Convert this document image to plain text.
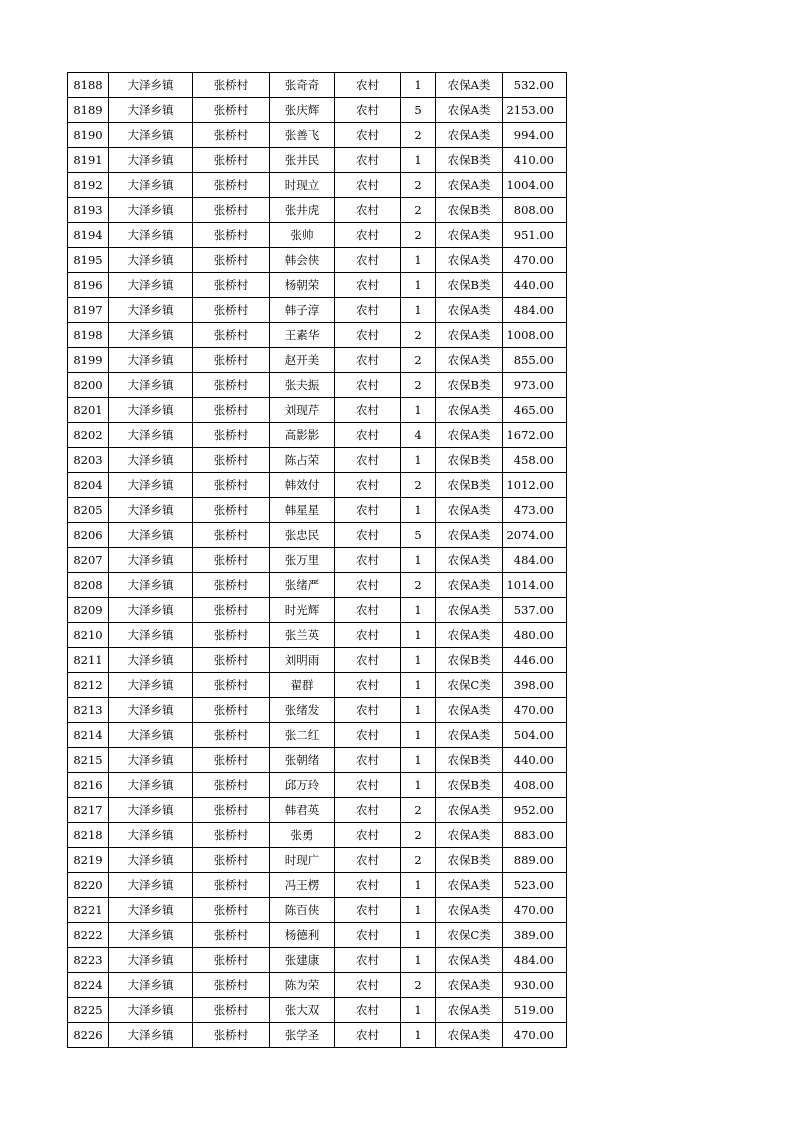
8188	大泽乡镇	张桥村	张奇奇	农村	1	农保A类	532.00
8189	大泽乡镇	张桥村	张庆辉	农村	5	农保A类	2153.00
8190	大泽乡镇	张桥村	张善飞	农村	2	农保A类	994.00
8191	大泽乡镇	张桥村	张井民	农村	1	农保B类	410.00
8192	大泽乡镇	张桥村	时现立	农村	2	农保A类	1004.00
8193	大泽乡镇	张桥村	张井虎	农村	2	农保B类	808.00
8194	大泽乡镇	张桥村	张帅	农村	2	农保A类	951.00
8195	大泽乡镇	张桥村	韩会侠	农村	1	农保A类	470.00
8196	大泽乡镇	张桥村	杨朝荣	农村	1	农保B类	440.00
8197	大泽乡镇	张桥村	韩子淳	农村	1	农保A类	484.00
8198	大泽乡镇	张桥村	王素华	农村	2	农保A类	1008.00
8199	大泽乡镇	张桥村	赵开美	农村	2	农保A类	855.00
8200	大泽乡镇	张桥村	张夫振	农村	2	农保B类	973.00
8201	大泽乡镇	张桥村	刘现芹	农村	1	农保A类	465.00
8202	大泽乡镇	张桥村	高影影	农村	4	农保A类	1672.00
8203	大泽乡镇	张桥村	陈占荣	农村	1	农保B类	458.00
8204	大泽乡镇	张桥村	韩效付	农村	2	农保B类	1012.00
8205	大泽乡镇	张桥村	韩星星	农村	1	农保A类	473.00
8206	大泽乡镇	张桥村	张忠民	农村	5	农保A类	2074.00
8207	大泽乡镇	张桥村	张万里	农村	1	农保A类	484.00
8208	大泽乡镇	张桥村	张绪严	农村	2	农保A类	1014.00
8209	大泽乡镇	张桥村	时光辉	农村	1	农保A类	537.00
8210	大泽乡镇	张桥村	张兰英	农村	1	农保A类	480.00
8211	大泽乡镇	张桥村	刘明雨	农村	1	农保B类	446.00
8212	大泽乡镇	张桥村	翟群	农村	1	农保C类	398.00
8213	大泽乡镇	张桥村	张绪发	农村	1	农保A类	470.00
8214	大泽乡镇	张桥村	张二红	农村	1	农保A类	504.00
8215	大泽乡镇	张桥村	张朝绪	农村	1	农保B类	440.00
8216	大泽乡镇	张桥村	邱万玲	农村	1	农保B类	408.00
8217	大泽乡镇	张桥村	韩君英	农村	2	农保A类	952.00
8218	大泽乡镇	张桥村	张勇	农村	2	农保A类	883.00
8219	大泽乡镇	张桥村	时现广	农村	2	农保B类	889.00
8220	大泽乡镇	张桥村	冯王楞	农村	1	农保A类	523.00
8221	大泽乡镇	张桥村	陈百侠	农村	1	农保A类	470.00
8222	大泽乡镇	张桥村	杨德利	农村	1	农保C类	389.00
8223	大泽乡镇	张桥村	张建康	农村	1	农保A类	484.00
8224	大泽乡镇	张桥村	陈为荣	农村	2	农保A类	930.00
8225	大泽乡镇	张桥村	张大双	农村	1	农保A类	519.00
8226	大泽乡镇	张桥村	张学圣	农村	1	农保A类	470.00
